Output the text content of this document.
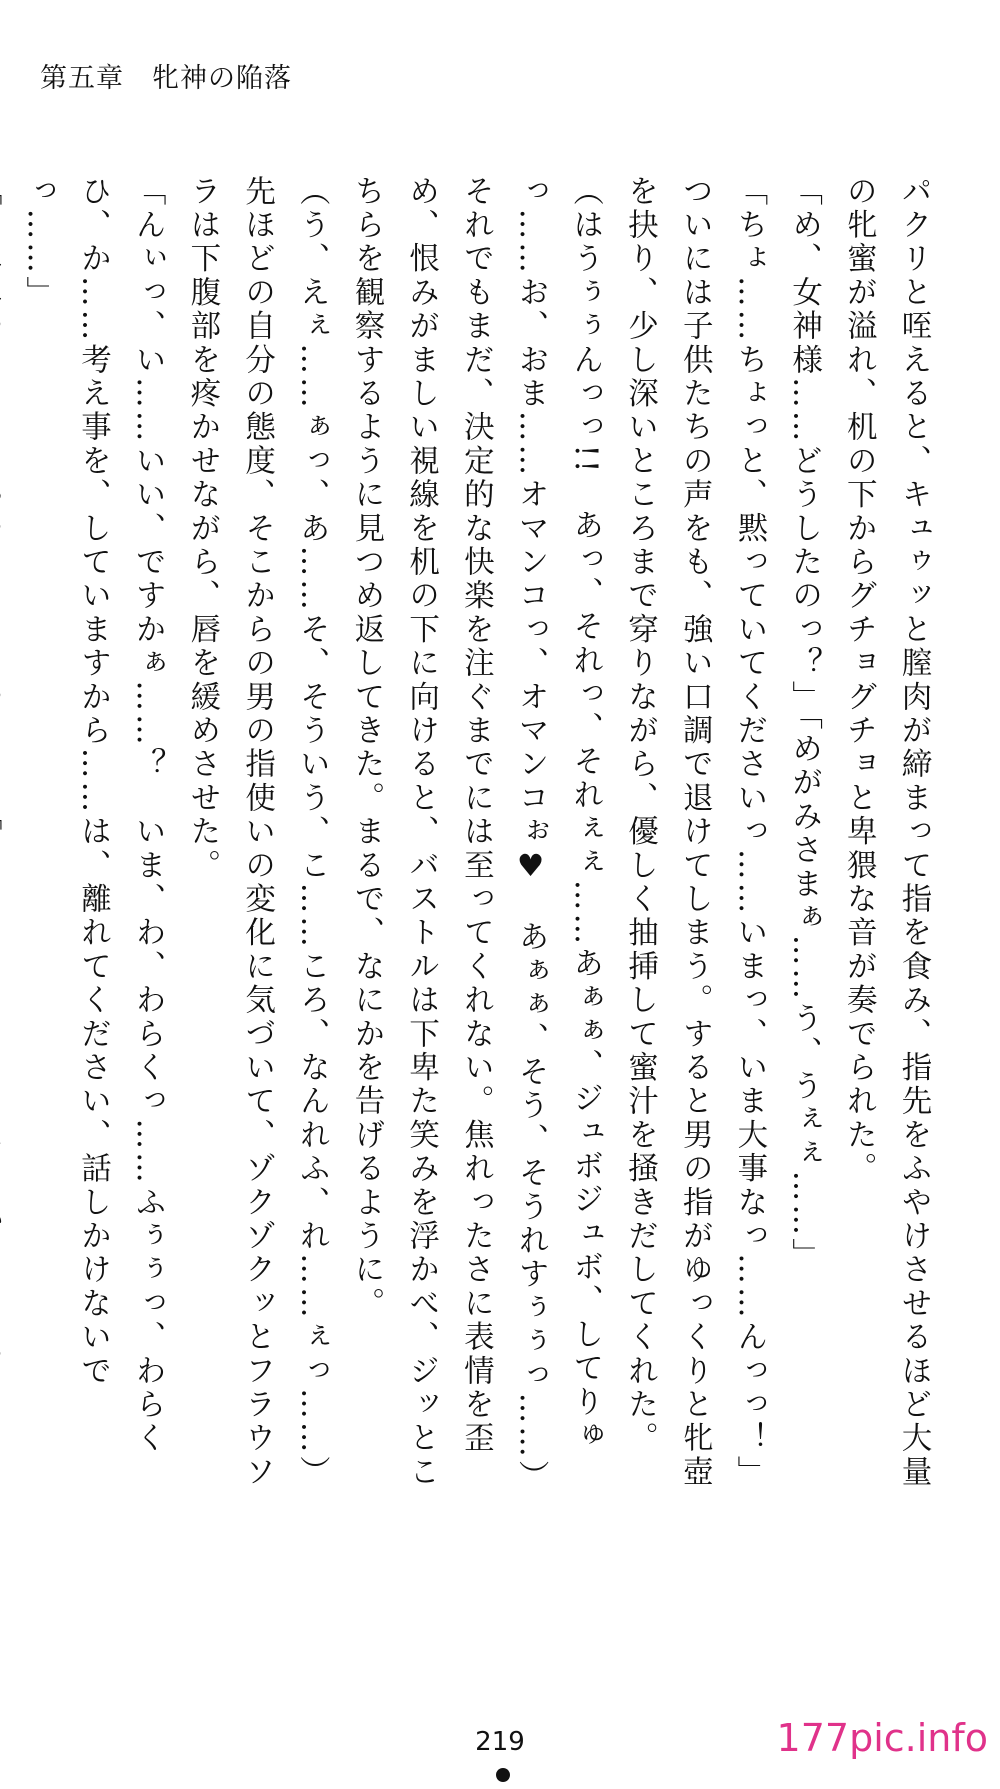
第五章　牝神の陥落

パクリと咥えると、キュゥッと膣肉が締まって指を食み、指先をふやけさせるほど大量の牝蜜が溢れ、机の下からグチョグチョと卑猥な音が奏でられた。

「め、女神様……どうしたのっ？」「めがみさまぁ……う、うぇぇ……」

「ちょ……ちょっと、黙っていてくださいっ……いまっ、いま大事なっ……んっっ！」

ついには子供たちの声をも、強い口調で退けてしまう。すると男の指がゆっくりと牝壺を抉り、少し深いところまで穿りながら、優しく抽挿して蜜汁を掻きだしてくれた。

（はうぅぅんっっ!!　あっ、それっ、それぇぇ……あぁぁ、ジュボジュボ、してりゅっ……お、おま……オマンコっ、オマンコぉ♥　あぁぁ、そう、そうれすぅぅっ……）

それでもまだ、決定的な快楽を注ぐまでには至ってくれない。焦れったさに表情を歪め、恨みがましい視線を机の下に向けると、バストルは下卑た笑みを浮かべ、ジッとこちらを観察するように見つめ返してきた。まるで、なにかを告げるように。

（う、えぇ……ぁっ、あ……そ、そういう、こ……ころ、なんれふ、れ……ぇっ……）

先ほどの自分の態度、そこからの男の指使いの変化に気づいて、ゾクゾクッとフラウソラは下腹部を疼かせながら、唇を緩めさせた。

「んぃっ、い……いい、ですかぁ……？　いま、わ、わらくっ……ふぅぅっ、わらくひ、か……考え事を、していますから……は、離れてください、話しかけないでっ……」

219	177pic.info
